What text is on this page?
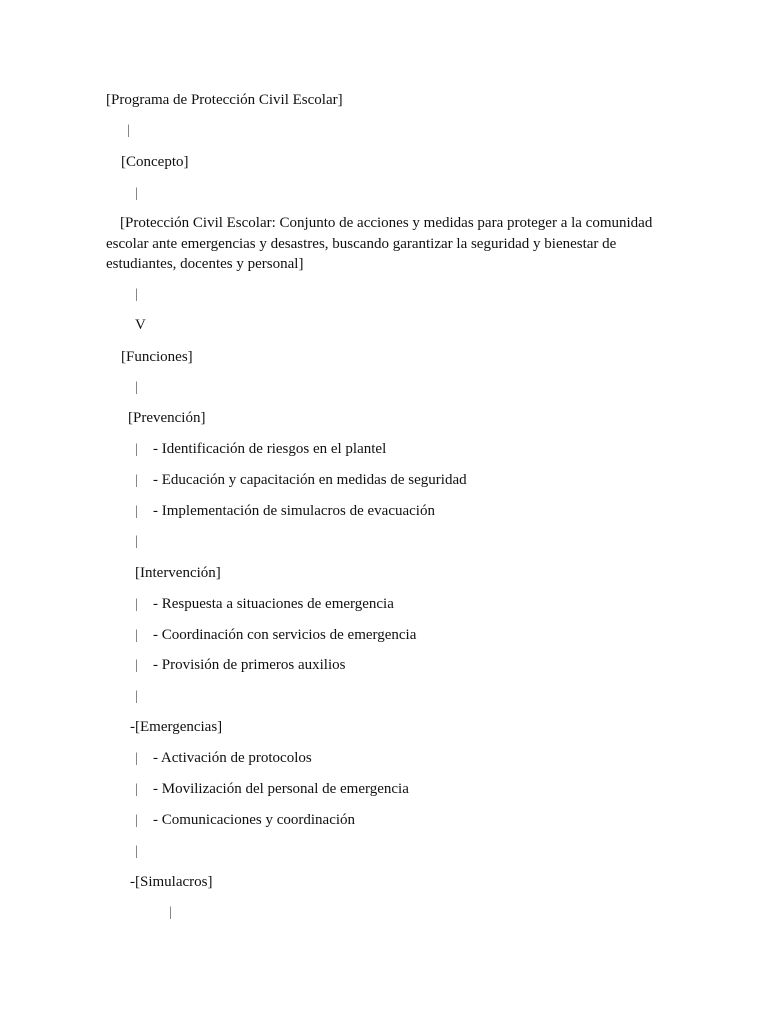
[Programa de Protección Civil Escolar]
|
[Concepto]
|
[Protección Civil Escolar: Conjunto de acciones y medidas para proteger a la comunidad escolar ante emergencias y desastres, buscando garantizar la seguridad y bienestar de estudiantes, docentes y personal]
|
V
[Funciones]
|
[Prevención]
| - Identificación de riesgos en el plantel
| - Educación y capacitación en medidas de seguridad
| - Implementación de simulacros de evacuación
|
[Intervención]
| - Respuesta a situaciones de emergencia
| - Coordinación con servicios de emergencia
| - Provisión de primeros auxilios
|
-[Emergencias]
| - Activación de protocolos
| - Movilización del personal de emergencia
| - Comunicaciones y coordinación
|
-[Simulacros]
|
